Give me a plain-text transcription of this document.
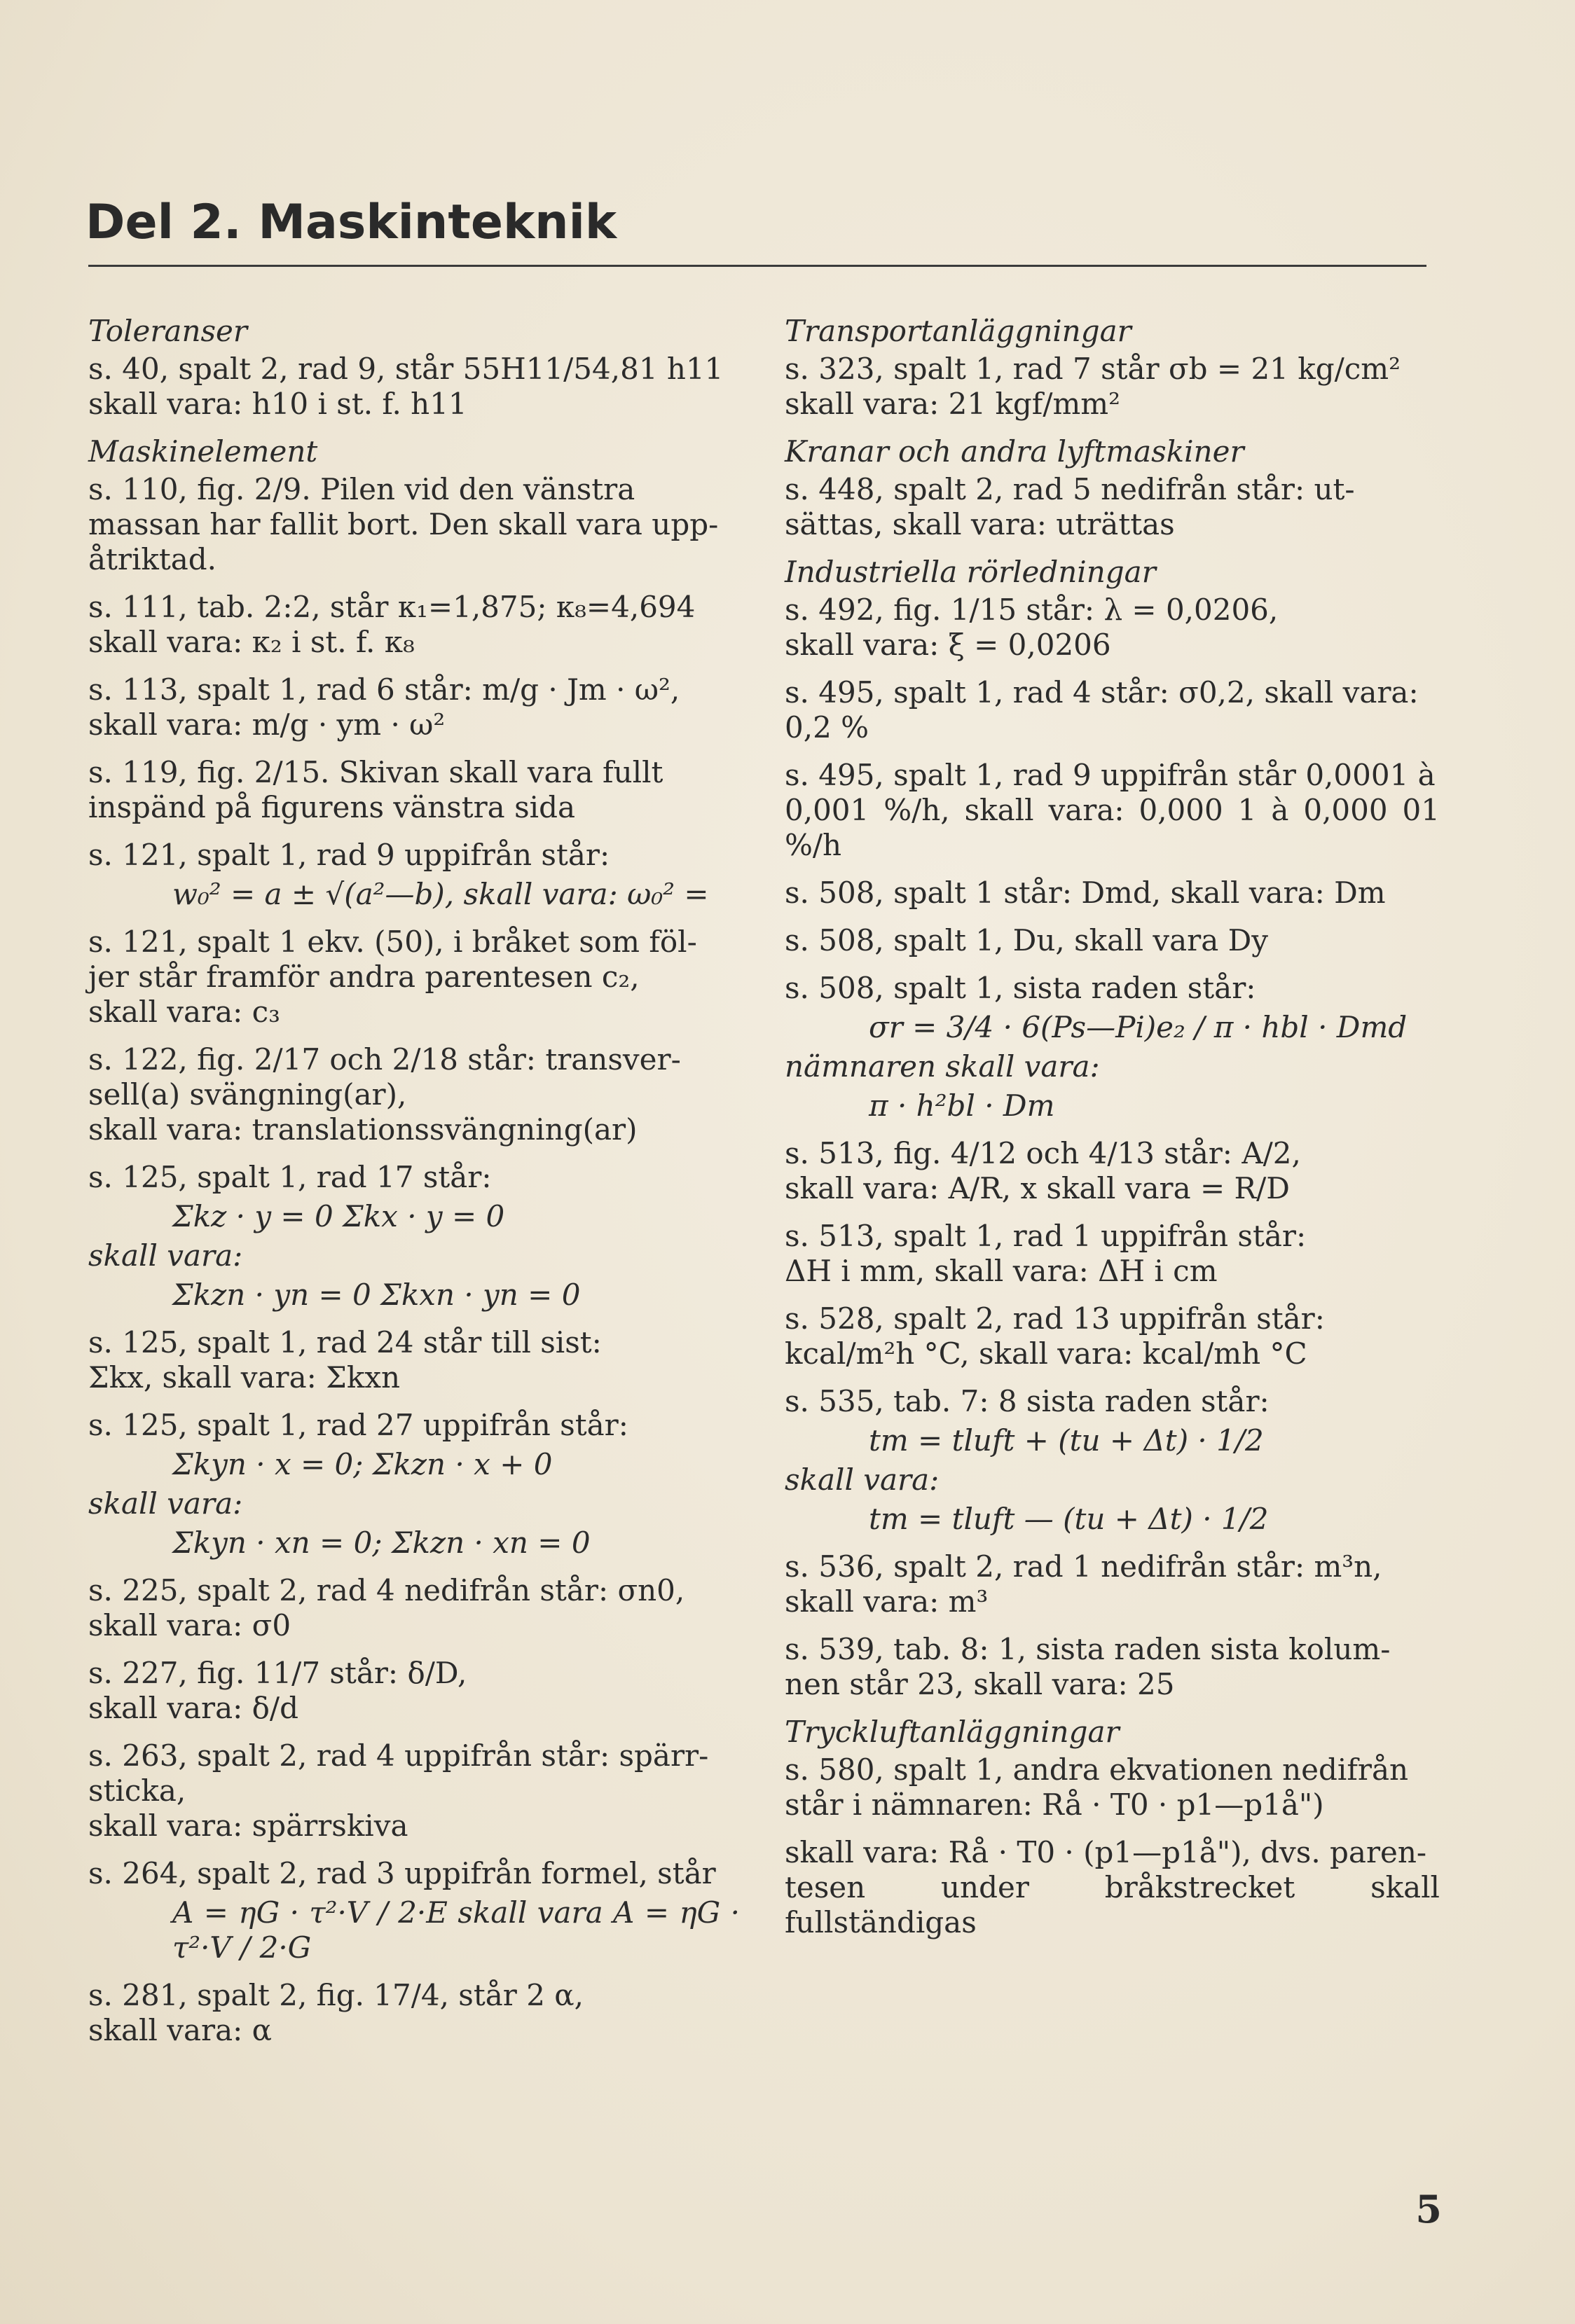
Del 2. Maskinteknik
Toleranser
s. 40, spalt 2, rad 9, står 55H11/54,81 h11
skall vara: h10 i st. f. h11
Maskinelement
s. 110, fig. 2/9. Pilen vid den vänstra
massan har fallit bort. Den skall vara upp-
åtriktad.
s. 111, tab. 2:2, står κ₁=1,875; κ₈=4,694
skall vara: κ₂ i st. f. κ₈
s. 113, spalt 1, rad 6 står: m/g · Jm · ω²,
skall vara: m/g · ym · ω²
s. 119, fig. 2/15. Skivan skall vara fullt
inspänd på figurens vänstra sida
s. 121, spalt 1, rad 9 uppifrån står:
w₀² = a ± √(a²—b), skall vara: ω₀² =
s. 121, spalt 1 ekv. (50), i bråket som föl-
jer står framför andra parentesen c₂,
skall vara: c₃
s. 122, fig. 2/17 och 2/18 står: transver-
sell(a) svängning(ar),
skall vara: translationssvängning(ar)
s. 125, spalt 1, rad 17 står:
Σkz · y = 0 Σkx · y = 0
skall vara:
Σkzn · yn = 0 Σkxn · yn = 0
s. 125, spalt 1, rad 24 står till sist:
Σkx, skall vara: Σkxn
s. 125, spalt 1, rad 27 uppifrån står:
Σkyn · x = 0; Σkzn · x + 0
skall vara:
Σkyn · xn = 0; Σkzn · xn = 0
s. 225, spalt 2, rad 4 nedifrån står: σn0,
skall vara: σ0
s. 227, fig. 11/7 står: δ/D,
skall vara: δ/d
s. 263, spalt 2, rad 4 uppifrån står: spärr-
sticka,
skall vara: spärrskiva
s. 264, spalt 2, rad 3 uppifrån formel, står
A = ηG · τ²·V / 2·E skall vara A = ηG · τ²·V / 2·G
s. 281, spalt 2, fig. 17/4, står 2 α,
skall vara: α
Transportanläggningar
s. 323, spalt 1, rad 7 står σb = 21 kg/cm²
skall vara: 21 kgf/mm²
Kranar och andra lyftmaskiner
s. 448, spalt 2, rad 5 nedifrån står: ut-
sättas, skall vara: uträttas
Industriella rörledningar
s. 492, fig. 1/15 står: λ = 0,0206,
skall vara: ξ = 0,0206
s. 495, spalt 1, rad 4 står: σ0,2, skall vara:
0,2 %
s. 495, spalt 1, rad 9 uppifrån står 0,0001 à
0,001 %/h, skall vara: 0,000 1 à 0,000 01 %/h
s. 508, spalt 1 står: Dmd, skall vara: Dm
s. 508, spalt 1, Du, skall vara Dy
s. 508, spalt 1, sista raden står:
σr = 3/4 · 6(Ps—Pi)e₂ / π · hbl · Dmd
nämnaren skall vara:
π · h²bl · Dm
s. 513, fig. 4/12 och 4/13 står: A/2,
skall vara: A/R, x skall vara = R/D
s. 513, spalt 1, rad 1 uppifrån står:
ΔH i mm, skall vara: ΔH i cm
s. 528, spalt 2, rad 13 uppifrån står:
kcal/m²h °C, skall vara: kcal/mh °C
s. 535, tab. 7: 8 sista raden står:
tm = tluft + (tu + Δt) · 1/2
skall vara:
tm = tluft — (tu + Δt) · 1/2
s. 536, spalt 2, rad 1 nedifrån står: m³n,
skall vara: m³
s. 539, tab. 8: 1, sista raden sista kolum-
nen står 23, skall vara: 25
Tryckluftanläggningar
s. 580, spalt 1, andra ekvationen nedifrån
står i nämnaren: Rå · T0 · p1—p1å")
skall vara: Rå · T0 · (p1—p1å"), dvs. paren-
tesen under bråkstrecket skall fullständigas
5
